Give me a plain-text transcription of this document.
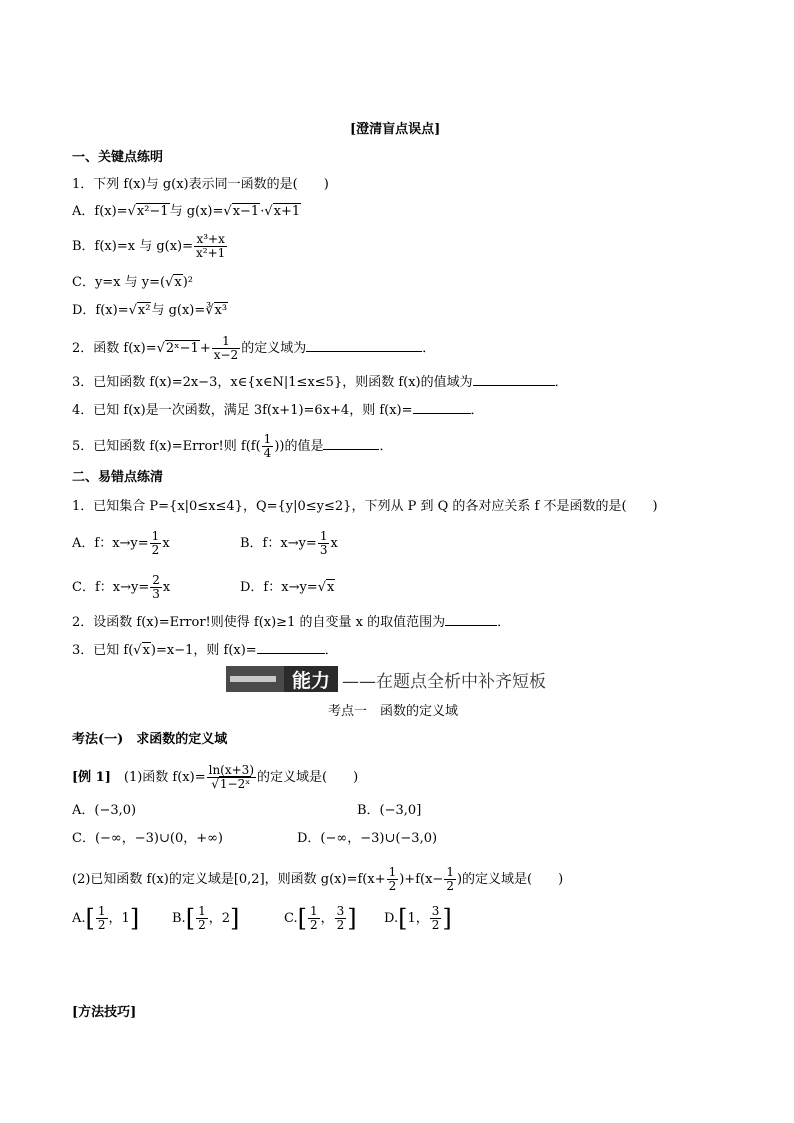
[澄清盲点误点]
一、关键点练明
1．下列 f(x)与 g(x)表示同一函数的是(　　)
A．f(x)=√x²−1与 g(x)=√x−1·√x+1
B．f(x)=x 与 $g(x)= \frac{\text{x³+x}}{\text{x²+1}}$
C．y=x 与 y=(√x)²
D．f(x)=√x²与 g(x)=∛x³
2．函数 f(x)=√2ˣ−1+ $\frac{1}{x-2}$ 的定义域为	．
3．已知函数 f(x)=2x−3，x∈{x∈N|1≤x≤5}，则函数 f(x)的值域为	．
4．已知 f(x)是一次函数，满足 3f(x+1)=6x+4，则 f(x)=	．
5．已知函数 f(x)=Error!则 $f(f( \frac{1}{4}$ ))的值是	．
二、易错点练清
1．已知集合 P={x|0≤x≤4}，Q={y|0≤y≤2}，下列从 P 到 Q 的各对应关系 f 不是函数的是(　　)
A．f：$x\to y= \frac{1}{2}$ x	B．f：$x\to y= \frac{1}{3}$ x
C．f：$x\to y= \frac{2}{3}$ x	D．f：x→y=√x
2．设函数 f(x)=Error!则使得 f(x)≥1 的自变量 x 的取值范围为	．
3．已知 f(√x)=x−1，则 f(x)=	．
能力 ——在题点全析中补齐短板
考点一　函数的定义域
考法(一)　求函数的定义域
[例 1]　(1)函数 $f(x)= \frac{\ln(x+3)}{\text{√1−2ˣ}}$ 的定义域是(　　)
A．(−3,0)	B．(−3,0]
C．(−∞，−3)∪(0，+∞)	D．(−∞，−3)∪(−3,0)
(2)已知函数 f(x)的定义域是[0,2]，则函数 $g(x)=f(x+ \frac{1}{2} )+f(x- \frac{1}{2}$ )的定义域是(　　)
$A.[ \frac{1}{2}$ ，1]	$B.[ \frac{1}{2}$ ，2]	$C.[ \frac{1}{2}$ ， $\frac{3}{2}$ ] D.[1， $\frac{3}{2}$ ]
[方法技巧]
